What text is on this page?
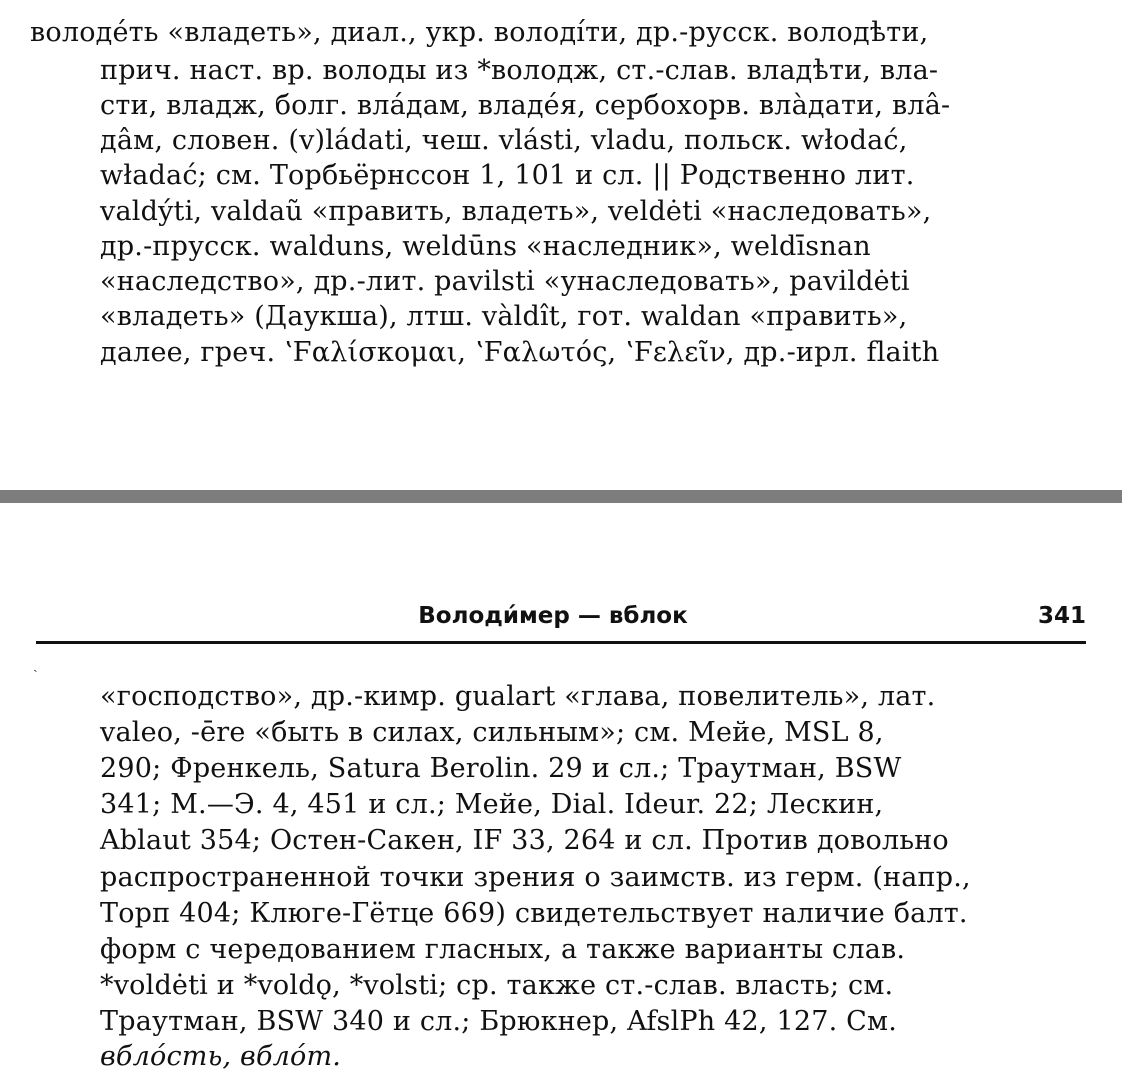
володе́ть «владеть», диал., укр. володі́ти, др.-русск. володѣти,
прич. наст. вр. володы из *володж, ст.-слав. владѣти, вла-
сти, владж, болг. вла́дам, владе́я, сербохорв. вла̀дати, вла̂-
да̂м, словен. (v)ládati, чеш. vlásti, vladu, польск. włodać,
władać; см. Торбьёрнссон 1, 101 и сл. || Родственно лит.
valdýti, valdaũ «править, владеть», veldėti «наследовать»,
др.-прусск. walduns, weldūns «наследник», weldīsnan
«наследство», др.-лит. pavilsti «унаследовать», pavildėti
«владеть» (Даукша), лтш. vàldît, гот. waldan «править»,
далее, греч. ʽϜαλίσκομαι, ʽϜαλωτός, ʽϜελεῖν, др.-ирл. flaith
Володи́мер — вблок	341
ˏ
«господство», др.-кимр. gualart «глава, повелитель», лат.
valeo, -ēre «быть в силах, сильным»; см. Мейе, MSL 8,
290; Френкель, Satura Berolin. 29 и сл.; Траутман, BSW
341; М.—Э. 4, 451 и сл.; Мейе, Dial. Ideur. 22; Лескин,
Ablaut 354; Остен-Сакен, IF 33, 264 и сл. Против довольно
распространенной точки зрения о заимств. из герм. (напр.,
Торп 404; Клюге-Гётце 669) свидетельствует наличие балт.
форм с чередованием гласных, а также варианты слав.
*voldėti и *voldǫ, *volsti; ср. также ст.-слав. власть; см.
Траутман, BSW 340 и сл.; Брюкнер, AfslPh 42, 127. См.
вбло́сть, вбло́т.
